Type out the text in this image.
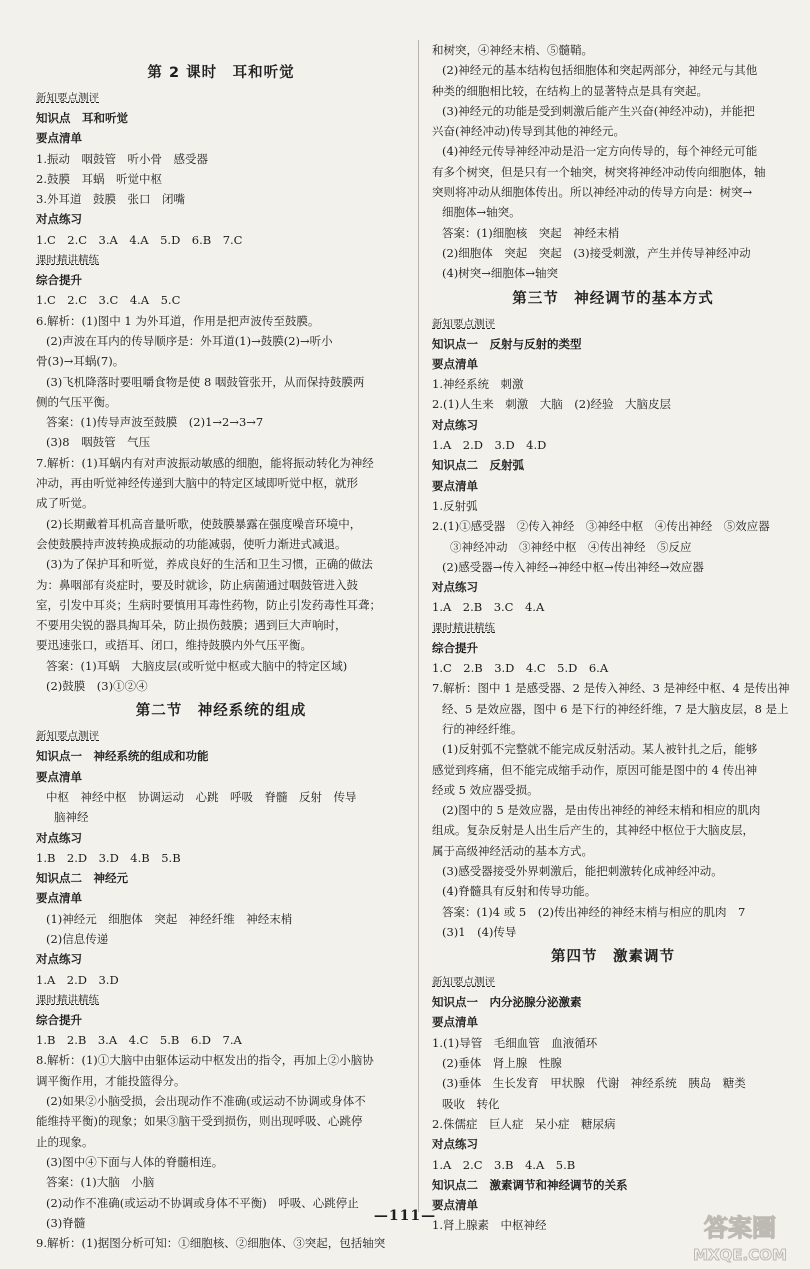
第 2 课时　耳和听觉
新知要点测评
知识点　耳和听觉
要点清单
1.振动　咽鼓管　听小骨　感受器
2.鼓膜　耳蜗　听觉中枢
3.外耳道　鼓膜　张口　闭嘴
对点练习
1.C　2.C　3.A　4.A　5.D　6.B　7.C
课时精讲精练
综合提升
1.C　2.C　3.C　4.A　5.C
6.解析：(1)图中 1 为外耳道，作用是把声波传至鼓膜。
(2)声波在耳内的传导顺序是：外耳道(1)→鼓膜(2)→听小
骨(3)→耳蜗(7)。
(3)飞机降落时要咀嚼食物是使 8 咽鼓管张开，从而保持鼓膜两
侧的气压平衡。
答案：(1)传导声波至鼓膜　(2)1→2→3→7
(3)8　咽鼓管　气压
7.解析：(1)耳蜗内有对声波振动敏感的细胞，能将振动转化为神经
冲动，再由听觉神经传递到大脑中的特定区域即听觉中枢，就形
成了听觉。
(2)长期戴着耳机高音量听歌，使鼓膜暴露在强度噪音环境中，
会使鼓膜持声波转换成振动的功能减弱，使听力渐进式减退。
(3)为了保护耳和听觉，养成良好的生活和卫生习惯，正确的做法
为：鼻咽部有炎症时，要及时就诊，防止病菌通过咽鼓管进入鼓
室，引发中耳炎；生病时要慎用耳毒性药物，防止引发药毒性耳聋；
不要用尖锐的器具掏耳朵，防止损伤鼓膜；遇到巨大声响时，
要迅速张口，或捂耳、闭口，维持鼓膜内外气压平衡。
答案：(1)耳蜗　大脑皮层(或听觉中枢或大脑中的特定区域)
(2)鼓膜　(3)①②④
第二节　神经系统的组成
新知要点测评
知识点一　神经系统的组成和功能
要点清单
中枢　神经中枢　协调运动　心跳　呼吸　脊髓　反射　传导
脑神经
对点练习
1.B　2.D　3.D　4.B　5.B
知识点二　神经元
要点清单
(1)神经元　细胞体　突起　神经纤维　神经末梢
(2)信息传递
对点练习
1.A　2.D　3.D
课时精讲精练
综合提升
1.B　2.B　3.A　4.C　5.B　6.D　7.A
8.解析：(1)①大脑中由躯体运动中枢发出的指令，再加上②小脑协
调平衡作用，才能投篮得分。
(2)如果②小脑受损，会出现动作不准确(或运动不协调或身体不
能维持平衡)的现象；如果③脑干受到损伤，则出现呼吸、心跳停
止的现象。
(3)图中④下面与人体的脊髓相连。
答案：(1)大脑　小脑
(2)动作不准确(或运动不协调或身体不平衡)　呼吸、心跳停止
(3)脊髓
9.解析：(1)据图分析可知：①细胞核、②细胞体、③突起，包括轴突
和树突，④神经末梢、⑤髓鞘。
(2)神经元的基本结构包括细胞体和突起两部分，神经元与其他
种类的细胞相比较，在结构上的显著特点是具有突起。
(3)神经元的功能是受到刺激后能产生兴奋(神经冲动)，并能把
兴奋(神经冲动)传导到其他的神经元。
(4)神经元传导神经冲动是沿一定方向传导的，每个神经元可能
有多个树突，但是只有一个轴突，树突将神经冲动传向细胞体，轴
突则将冲动从细胞体传出。所以神经冲动的传导方向是：树突→
细胞体→轴突。
答案：(1)细胞核　突起　神经末梢
(2)细胞体　突起　突起　(3)接受刺激，产生并传导神经冲动
(4)树突→细胞体→轴突
第三节　神经调节的基本方式
新知要点测评
知识点一　反射与反射的类型
要点清单
1.神经系统　刺激
2.(1)人生来　刺激　大脑　(2)经验　大脑皮层
对点练习
1.A　2.D　3.D　4.D
知识点二　反射弧
要点清单
1.反射弧
2.(1)①感受器　②传入神经　③神经中枢　④传出神经　⑤效应器
③神经冲动　③神经中枢　④传出神经　⑤反应
(2)感受器→传入神经→神经中枢→传出神经→效应器
对点练习
1.A　2.B　3.C　4.A
课时精讲精练
综合提升
1.C　2.B　3.D　4.C　5.D　6.A
7.解析：图中 1 是感受器、2 是传入神经、3 是神经中枢、4 是传出神
经、5 是效应器，图中 6 是下行的神经纤维，7 是大脑皮层，8 是上
行的神经纤维。
(1)反射弧不完整就不能完成反射活动。某人被针扎之后，能够
感觉到疼痛，但不能完成缩手动作，原因可能是图中的 4 传出神
经或 5 效应器受损。
(2)图中的 5 是效应器，是由传出神经的神经末梢和相应的肌肉
组成。复杂反射是人出生后产生的，其神经中枢位于大脑皮层，
属于高级神经活动的基本方式。
(3)感受器接受外界刺激后，能把刺激转化成神经冲动。
(4)脊髓具有反射和传导功能。
答案：(1)4 或 5　(2)传出神经的神经末梢与相应的肌肉　7
(3)1　(4)传导
第四节　激素调节
新知要点测评
知识点一　内分泌腺分泌激素
要点清单
1.(1)导管　毛细血管　血液循环
(2)垂体　肾上腺　性腺
(3)垂体　生长发育　甲状腺　代谢　神经系统　胰岛　糖类
吸收　转化
2.侏儒症　巨人症　呆小症　糖尿病
对点练习
1.A　2.C　3.B　4.A　5.B
知识点二　激素调节和神经调节的关系
要点清单
1.肾上腺素　中枢神经
—111—	答案圈
MXQE.COM
